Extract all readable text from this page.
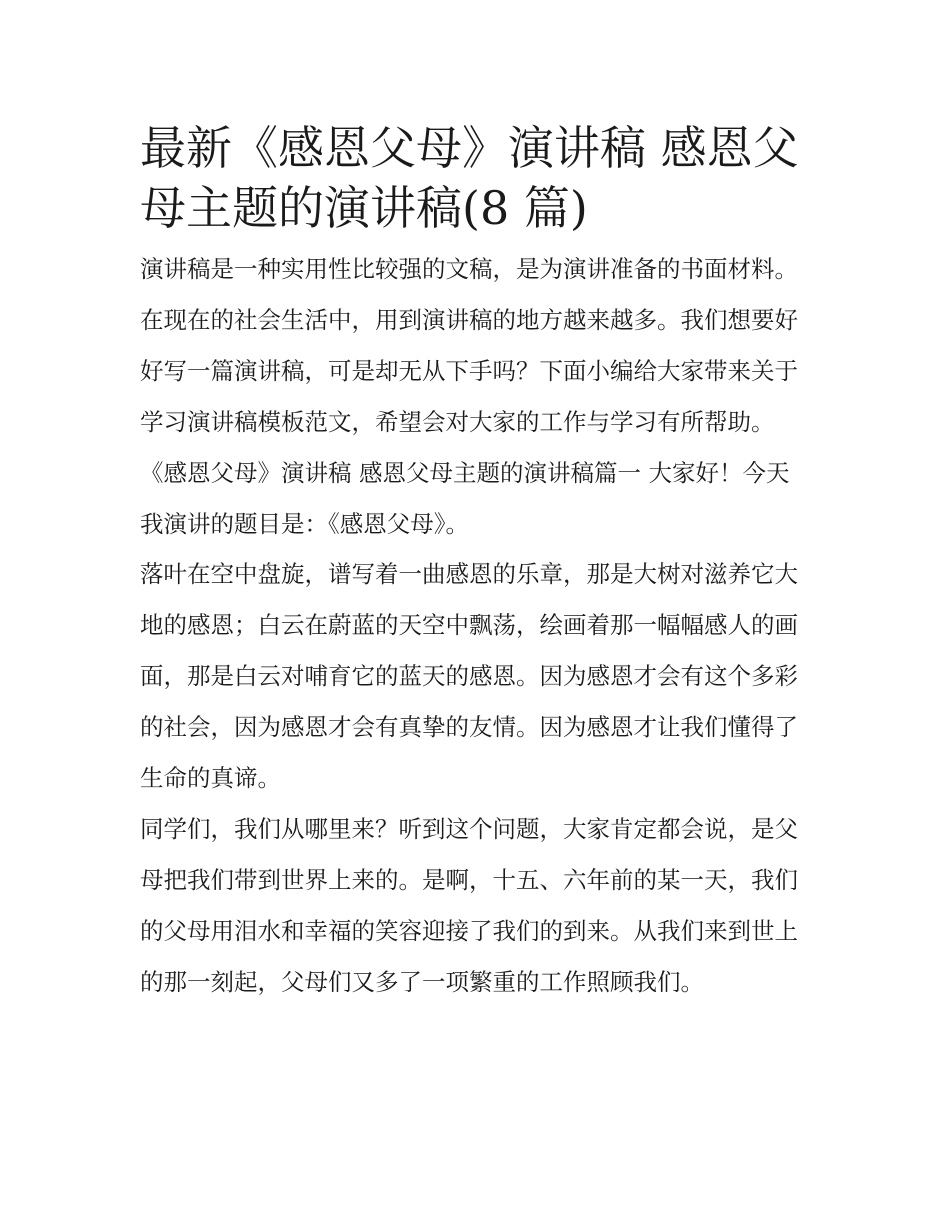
最新《感恩父母》演讲稿 感恩父母主题的演讲稿(8 篇)

演讲稿是一种实用性比较强的文稿，是为演讲准备的书面材料。在现在的社会生活中，用到演讲稿的地方越来越多。我们想要好好写一篇演讲稿，可是却无从下手吗？下面小编给大家带来关于学习演讲稿模板范文，希望会对大家的工作与学习有所帮助。

《感恩父母》演讲稿 感恩父母主题的演讲稿篇一 大家好！今天我演讲的题目是：《感恩父母》。

落叶在空中盘旋，谱写着一曲感恩的乐章，那是大树对滋养它大地的感恩；白云在蔚蓝的天空中飘荡，绘画着那一幅幅感人的画面，那是白云对哺育它的蓝天的感恩。因为感恩才会有这个多彩的社会，因为感恩才会有真挚的友情。因为感恩才让我们懂得了生命的真谛。

同学们，我们从哪里来？听到这个问题，大家肯定都会说，是父母把我们带到世界上来的。是啊，十五、六年前的某一天，我们的父母用泪水和幸福的笑容迎接了我们的到来。从我们来到世上的那一刻起，父母们又多了一项繁重的工作照顾我们。
